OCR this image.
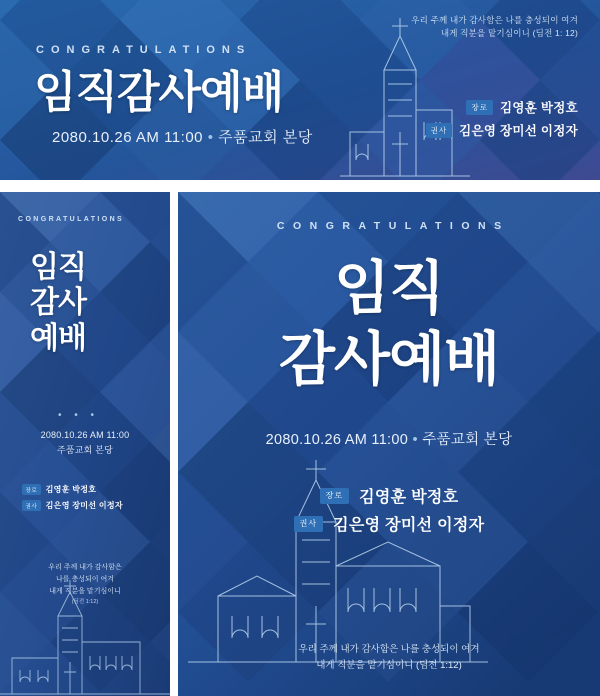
CONGRATULATIONS
임직감사예배
2080.10.26 AM 11:00 • 주품교회 본당
우리 주께 내가 감사함은 나를 충성되이 여겨
내게 직분을 맡기심이니 (딤전 1: 12)
장로 김영훈 박정호
권사 김은영 장미선 이정자
CONGRATULATIONS
임직
감사
예배
• • •
2080.10.26 AM 11:00
주품교회 본당
장로	김영훈 박정호
권사	김은영 장미선 이정자
우리 주께 내가 감사함은
나를 충성되이 여겨
내게 직분을 맡기심이니
(딤전 1:12)
CONGRATULATIONS
임직
감사예배
2080.10.26 AM 11:00 • 주품교회 본당
장로	김영훈 박정호
권사	김은영 장미선 이정자
우리 주께 내가 감사함은 나를 충성되이 여겨
내게 직분을 맡기심이니 (딤전 1:12)
